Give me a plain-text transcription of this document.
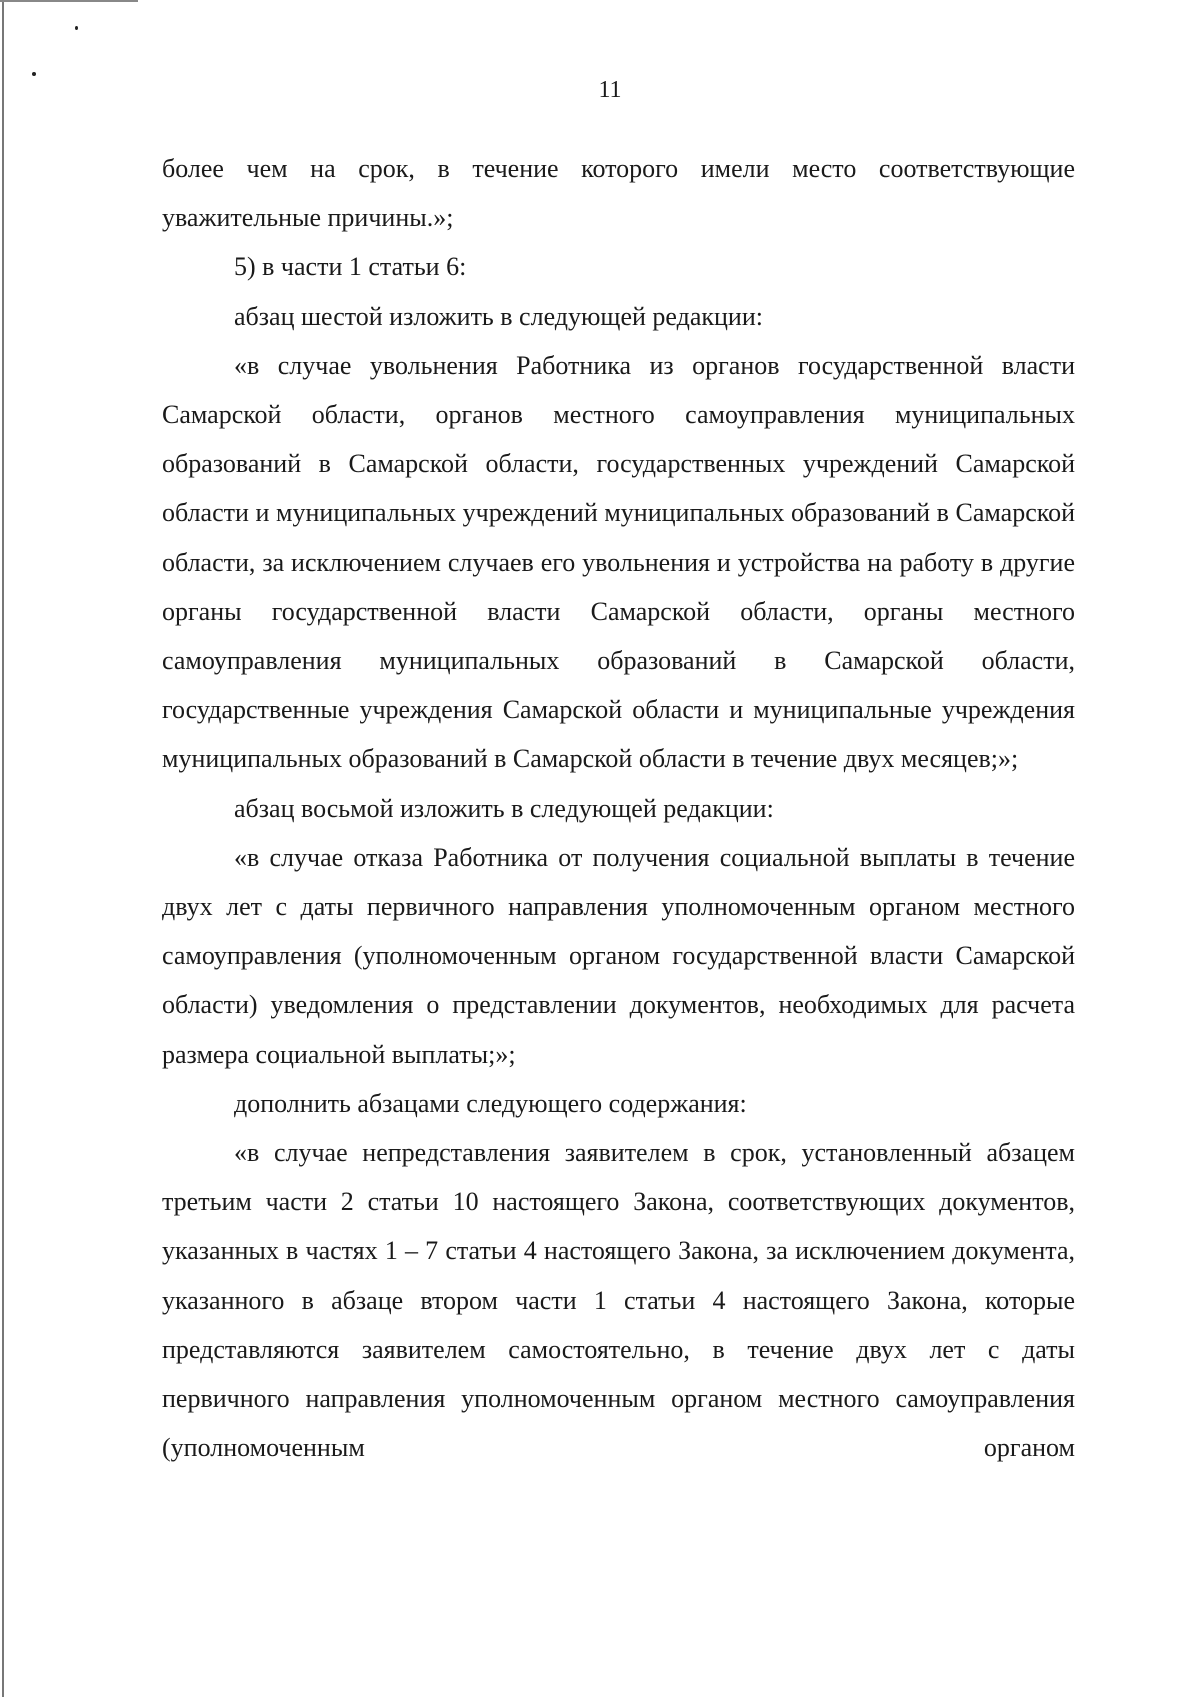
11

более чем на срок, в течение которого имели место соответствующие уважительные причины.»;

5) в части 1 статьи 6:

абзац шестой изложить в следующей редакции:

«в случае увольнения Работника из органов государственной власти Самарской области, органов местного самоуправления муниципальных образований в Самарской области, государственных учреждений Самарской области и муниципальных учреждений муниципальных образований в Самарской области, за исключением случаев его увольнения и устройства на работу в другие органы государственной власти Самарской области, органы местного самоуправления муниципальных образований в Самарской области, государственные учреждения Самарской области и муниципальные учреждения муниципальных образований в Самарской области в течение двух месяцев;»;

абзац восьмой изложить в следующей редакции:

«в случае отказа Работника от получения социальной выплаты в течение двух лет с даты первичного направления уполномоченным органом местного самоуправления (уполномоченным органом государственной власти Самарской области) уведомления о представлении документов, необходимых для расчета размера социальной выплаты;»;

дополнить абзацами следующего содержания:

«в случае непредставления заявителем в срок, установленный абзацем третьим части 2 статьи 10 настоящего Закона, соответствующих документов, указанных в частях 1 – 7 статьи 4 настоящего Закона, за исключением документа, указанного в абзаце втором части 1 статьи 4 настоящего Закона, которые представляются заявителем самостоятельно, в течение двух лет с даты первичного направления уполномоченным органом местного самоуправления (уполномоченным органом
